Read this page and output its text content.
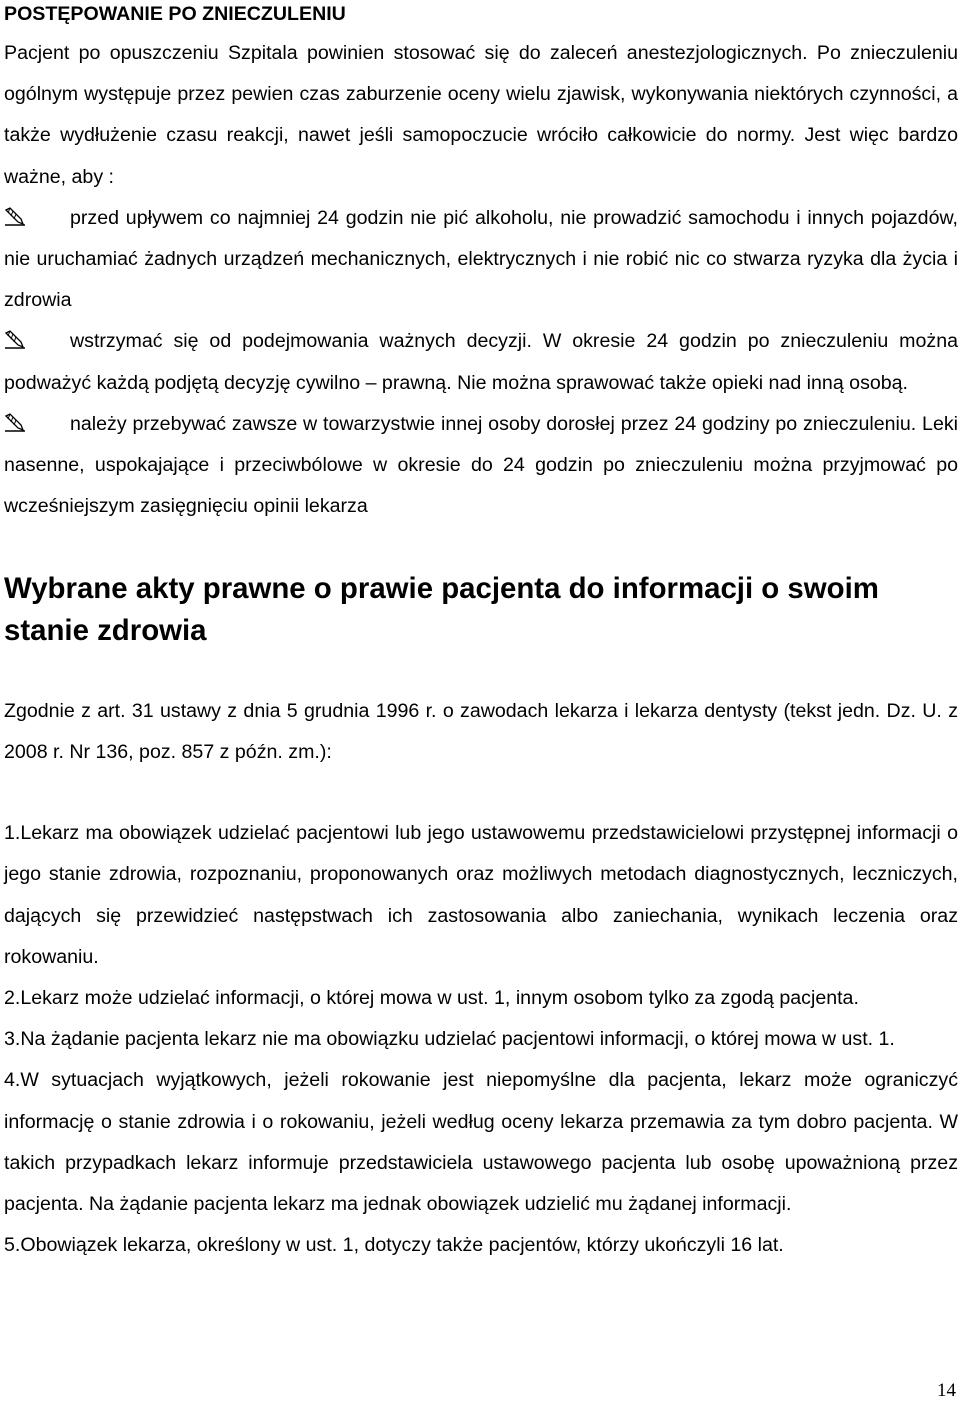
POSTĘPOWANIE PO ZNIECZULENIU

Pacjent po opuszczeniu Szpitala powinien stosować się do zaleceń anestezjologicznych. Po znieczuleniu ogólnym występuje przez pewien czas zaburzenie oceny wielu zjawisk, wykonywania niektórych czynności, a także wydłużenie czasu reakcji, nawet jeśli samopoczucie wróciło całkowicie do normy. Jest więc bardzo ważne, aby :

przed upływem co najmniej 24 godzin nie pić alkoholu, nie prowadzić samochodu i innych pojazdów, nie uruchamiać żadnych urządzeń mechanicznych, elektrycznych i nie robić nic co stwarza ryzyka dla życia i zdrowia

wstrzymać się od podejmowania ważnych decyzji. W okresie 24 godzin po znieczuleniu można podważyć każdą podjętą decyzję cywilno – prawną. Nie można sprawować także opieki nad inną osobą.

należy przebywać zawsze w towarzystwie innej osoby dorosłej przez 24 godziny po znieczuleniu. Leki nasenne, uspokajające i przeciwbólowe w okresie do 24 godzin po znieczuleniu można przyjmować po wcześniejszym zasięgnięciu opinii lekarza

Wybrane akty prawne o prawie pacjenta do informacji o swoim stanie zdrowia

Zgodnie z art. 31 ustawy z dnia 5 grudnia 1996 r. o zawodach lekarza i lekarza dentysty (tekst jedn. Dz. U. z 2008 r. Nr 136, poz. 857 z późn. zm.):

1.Lekarz ma obowiązek udzielać pacjentowi lub jego ustawowemu przedstawicielowi przystępnej informacji o jego stanie zdrowia, rozpoznaniu, proponowanych oraz możliwych metodach diagnostycznych, leczniczych, dających się przewidzieć następstwach ich zastosowania albo zaniechania, wynikach leczenia oraz rokowaniu.

2.Lekarz może udzielać informacji, o której mowa w ust. 1, innym osobom tylko za zgodą pacjenta.

3.Na żądanie pacjenta lekarz nie ma obowiązku udzielać pacjentowi informacji, o której mowa w ust. 1.

4.W sytuacjach wyjątkowych, jeżeli rokowanie jest niepomyślne dla pacjenta, lekarz może ograniczyć informację o stanie zdrowia i o rokowaniu, jeżeli według oceny lekarza przemawia za tym dobro pacjenta. W takich przypadkach lekarz informuje przedstawiciela ustawowego pacjenta lub osobę upoważnioną przez pacjenta. Na żądanie pacjenta lekarz ma jednak obowiązek udzielić mu żądanej informacji.

5.Obowiązek lekarza, określony w ust. 1, dotyczy także pacjentów, którzy ukończyli 16 lat.

14
